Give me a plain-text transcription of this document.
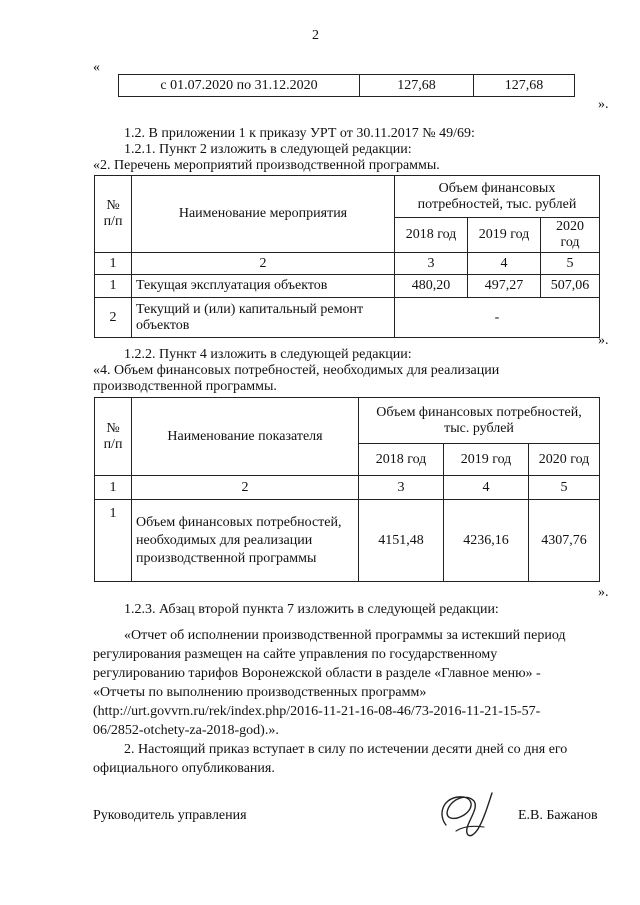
2
«
с 01.07.2020 по 31.12.2020	127,68	127,68
».
1.2. В приложении 1 к приказу УРТ от 30.11.2017 № 49/69:
1.2.1. Пункт 2 изложить в следующей редакции:
«2. Перечень мероприятий производственной программы.
№ п/п	Наименование мероприятия	Объем финансовых потребностей, тыс. рублей		
		2018 год	2019 год	2020 год
1	2	3	4	5
1	Текущая эксплуатация объектов	480,20	497,27	507,06
2	Текущий и (или) капитальный ремонт объектов	-		
».
1.2.2. Пункт 4 изложить в следующей редакции:
«4. Объем финансовых потребностей, необходимых для реализации
производственной программы.
№ п/п	Наименование показателя	Объем финансовых потребностей, тыс. рублей		
		2018 год	2019 год	2020 год
1	2	3	4	5
1	Объем финансовых потребностей, необходимых для реализации производственной программы	4151,48	4236,16	4307,76
».
1.2.3. Абзац второй пункта 7 изложить в следующей редакции:
«Отчет об исполнении производственной программы за истекший период
регулирования размещен на сайте управления по государственному
регулированию тарифов Воронежской области в разделе «Главное меню» -
«Отчеты по выполнению производственных программ»
(http://urt.govvrn.ru/rek/index.php/2016-11-21-16-08-46/73-2016-11-21-15-57-
06/2852-otchety-za-2018-god).».
2. Настоящий приказ вступает в силу по истечении десяти дней со дня его
официального опубликования.
Руководитель управления	Е.В. Бажанов
